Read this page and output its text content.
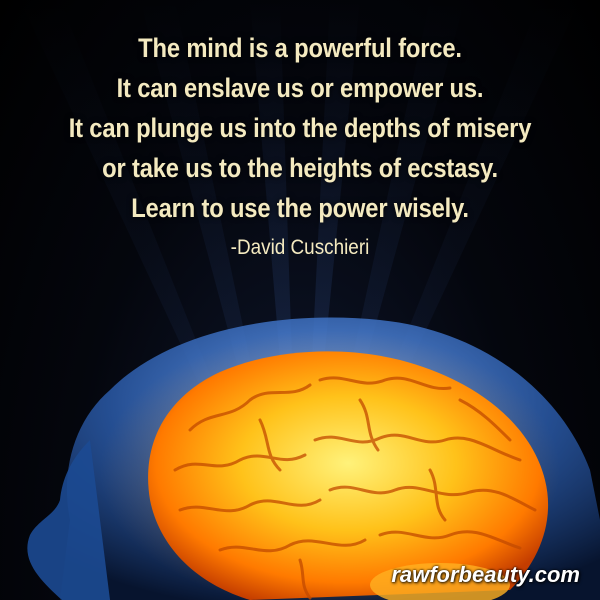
The mind is a powerful force.
It can enslave us or empower us.
It can plunge us into the depths of misery
or take us to the heights of ecstasy.
Learn to use the power wisely.
-David Cuschieri
rawforbeauty.com
